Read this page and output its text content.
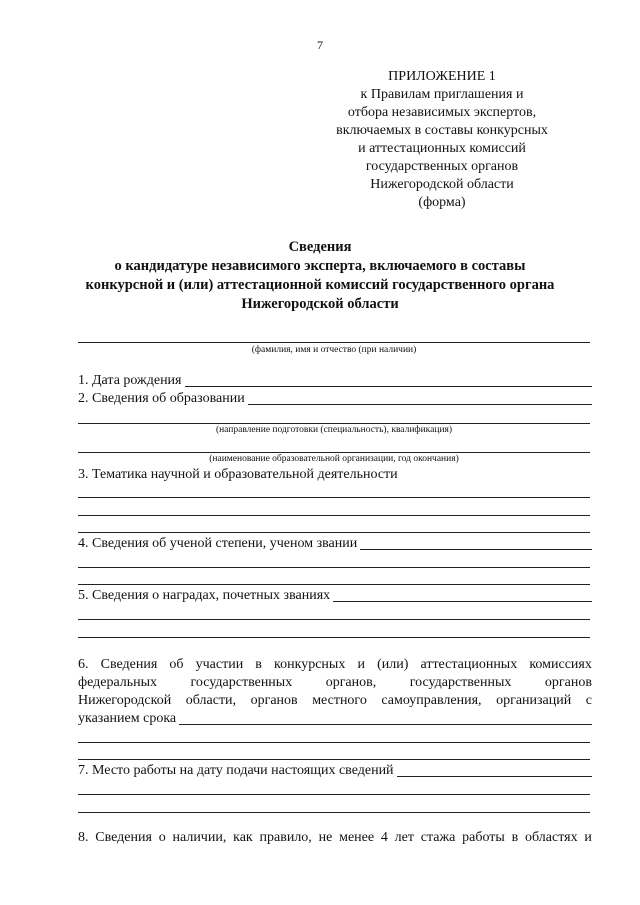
7
ПРИЛОЖЕНИЕ 1
к Правилам приглашения и
отбора независимых экспертов,
включаемых в составы конкурсных
и аттестационных комиссий
государственных органов
Нижегородской области
(форма)
Сведения
о кандидатуре независимого эксперта, включаемого в составы
конкурсной и (или) аттестационной комиссий государственного органа
Нижегородской области
(фамилия, имя и отчество (при наличии)
1. Дата рождения
2. Сведения об образовании
(направление подготовки (специальность), квалификация)
(наименование образовательной организации, год окончания)
3. Тематика научной и образовательной деятельности
4. Сведения об ученой степени, ученом звании
5. Сведения о наградах, почетных званиях
6. Сведения об участии в конкурсных и (или) аттестационных комиссиях
федеральных государственных органов, государственных органов
Нижегородской области, органов местного самоуправления, организаций с
указанием срока
7. Место работы на дату подачи настоящих сведений
8. Сведения о наличии, как правило, не менее 4 лет стажа работы в областях и
